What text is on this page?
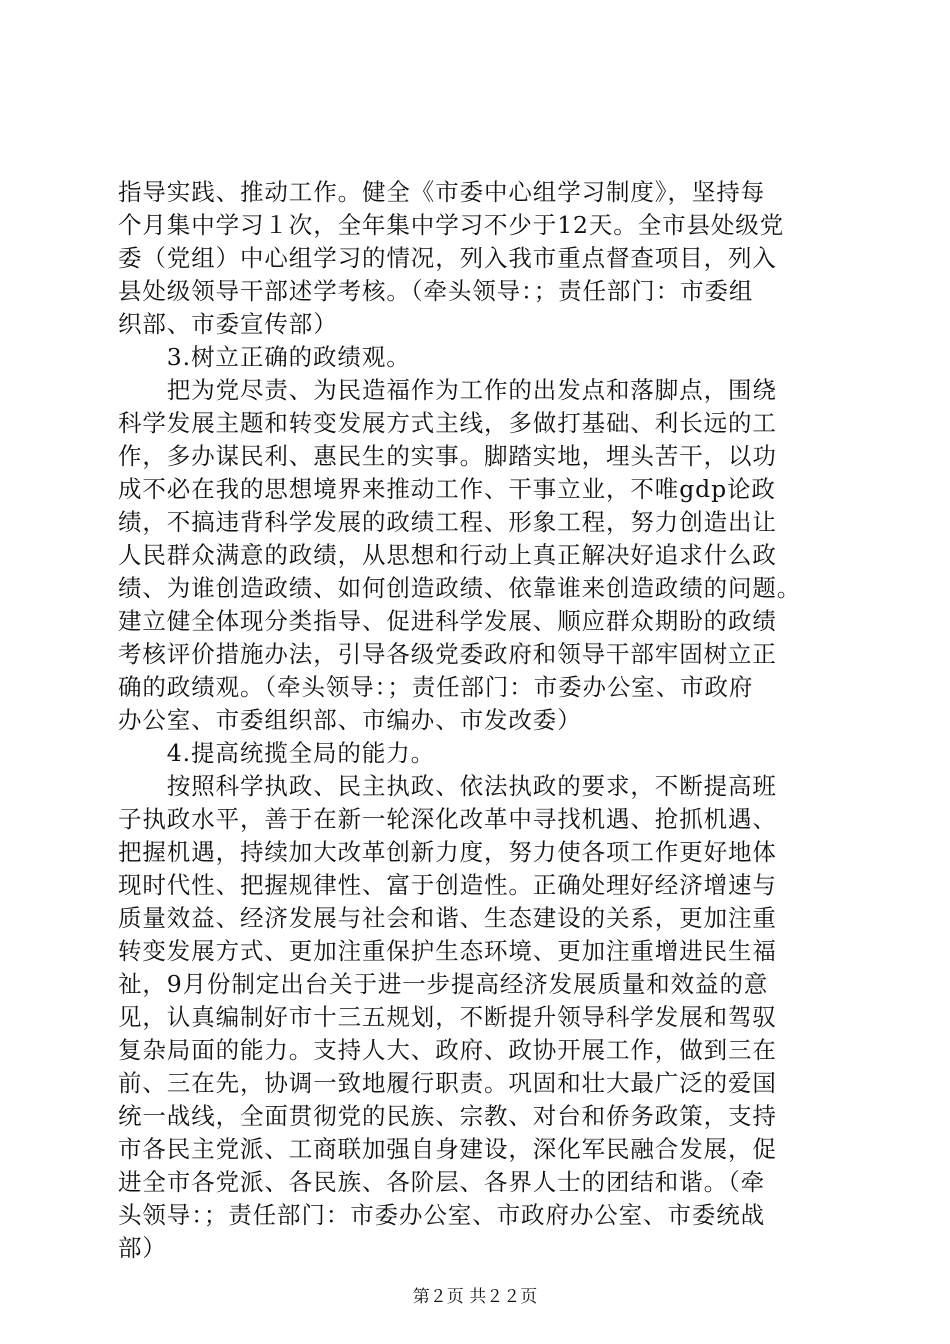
指导实践、推动工作。健全《市委中心组学习制度》，坚持每
个月集中学习１次，全年集中学习不少于12天。全市县处级党
委（党组）中心组学习的情况，列入我市重点督查项目，列入
县处级领导干部述学考核。（牵头领导：；责任部门：市委组
织部、市委宣传部）
　　3.树立正确的政绩观。
　　把为党尽责、为民造福作为工作的出发点和落脚点，围绕
科学发展主题和转变发展方式主线，多做打基础、利长远的工
作，多办谋民利、惠民生的实事。脚踏实地，埋头苦干，以功
成不必在我的思想境界来推动工作、干事立业，不唯gdp论政
绩，不搞违背科学发展的政绩工程、形象工程，努力创造出让
人民群众满意的政绩，从思想和行动上真正解决好追求什么政
绩、为谁创造政绩、如何创造政绩、依靠谁来创造政绩的问题。
建立健全体现分类指导、促进科学发展、顺应群众期盼的政绩
考核评价措施办法，引导各级党委政府和领导干部牢固树立正
确的政绩观。（牵头领导：；责任部门：市委办公室、市政府
办公室、市委组织部、市编办、市发改委）
　　4.提高统揽全局的能力。
　　按照科学执政、民主执政、依法执政的要求，不断提高班
子执政水平，善于在新一轮深化改革中寻找机遇、抢抓机遇、
把握机遇，持续加大改革创新力度，努力使各项工作更好地体
现时代性、把握规律性、富于创造性。正确处理好经济增速与
质量效益、经济发展与社会和谐、生态建设的关系，更加注重
转变发展方式、更加注重保护生态环境、更加注重增进民生福
祉，9月份制定出台关于进一步提高经济发展质量和效益的意
见，认真编制好市十三五规划，不断提升领导科学发展和驾驭
复杂局面的能力。支持人大、政府、政协开展工作，做到三在
前、三在先，协调一致地履行职责。巩固和壮大最广泛的爱国
统一战线，全面贯彻党的民族、宗教、对台和侨务政策，支持
市各民主党派、工商联加强自身建设，深化军民融合发展，促
进全市各党派、各民族、各阶层、各界人士的团结和谐。（牵
头领导：；责任部门：市委办公室、市政府办公室、市委统战
部）
第２页 共２２页
